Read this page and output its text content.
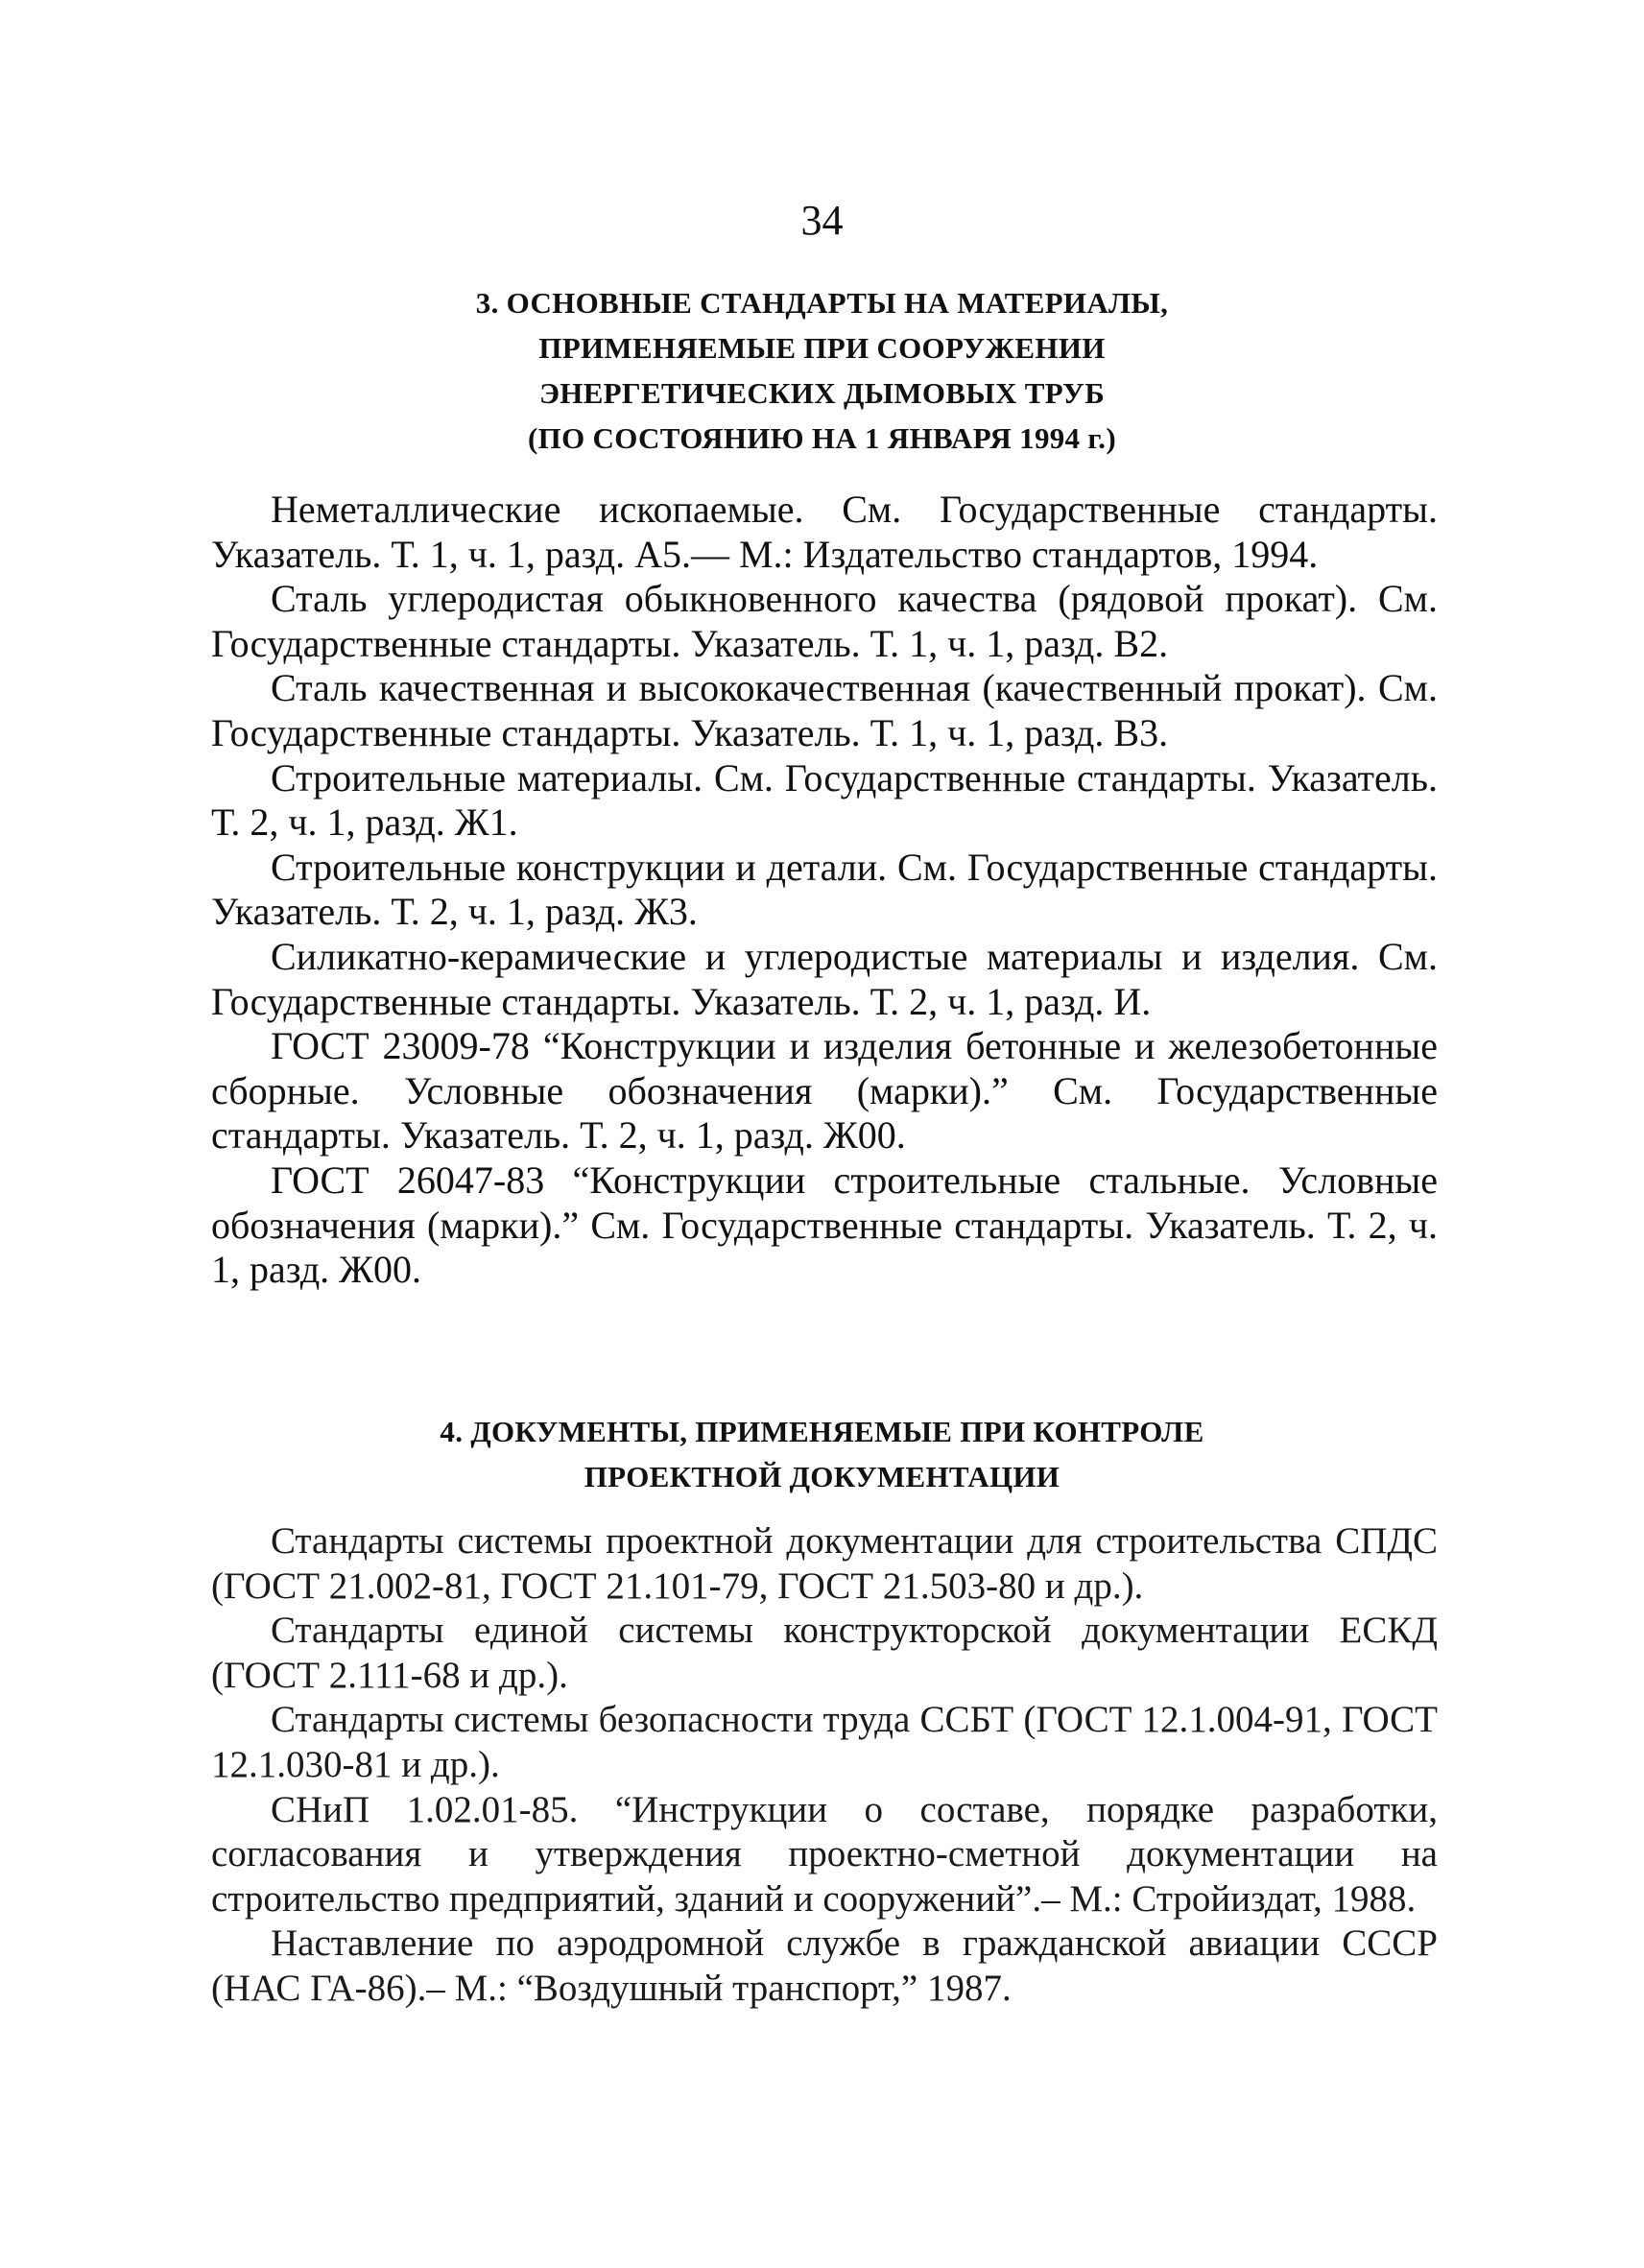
34
3. ОСНОВНЫЕ СТАНДАРТЫ НА МАТЕРИАЛЫ,
ПРИМЕНЯЕМЫЕ ПРИ СООРУЖЕНИИ
ЭНЕРГЕТИЧЕСКИХ ДЫМОВЫХ ТРУБ
(ПО СОСТОЯНИЮ НА 1 ЯНВАРЯ 1994 г.)

Неметаллические ископаемые. См. Государственные стандарты. Указатель. Т. 1, ч. 1, разд. А5.— М.: Издательство стандартов, 1994.

Сталь углеродистая обыкновенного качества (рядовой прокат). См. Государственные стандарты. Указатель. Т. 1, ч. 1, разд. В2.

Сталь качественная и высококачественная (качественный прокат). См. Государственные стандарты. Указатель. Т. 1, ч. 1, разд. В3.

Строительные материалы. См. Государственные стандарты. Указатель. Т. 2, ч. 1, разд. Ж1.

Строительные конструкции и детали. См. Государственные стандарты. Указатель. Т. 2, ч. 1, разд. Ж3.

Силикатно-керамические и углеродистые материалы и изделия. См. Государственные стандарты. Указатель. Т. 2, ч. 1, разд. И.

ГОСТ 23009-78 “Конструкции и изделия бетонные и железобетонные сборные. Условные обозначения (марки).” См. Государственные стандарты. Указатель. Т. 2, ч. 1, разд. Ж00.

ГОСТ 26047-83 “Конструкции строительные стальные. Условные обозначения (марки).” См. Государственные стандарты. Указатель. Т. 2, ч. 1, разд. Ж00.

4. ДОКУМЕНТЫ, ПРИМЕНЯЕМЫЕ ПРИ КОНТРОЛЕ
ПРОЕКТНОЙ ДОКУМЕНТАЦИИ

Стандарты системы проектной документации для строительства СПДС (ГОСТ 21.002-81, ГОСТ 21.101-79, ГОСТ 21.503-80 и др.).

Стандарты единой системы конструкторской документации ЕСКД (ГОСТ 2.111-68 и др.).

Стандарты системы безопасности труда ССБТ (ГОСТ 12.1.004-91, ГОСТ 12.1.030-81 и др.).

СНиП 1.02.01-85. “Инструкции о составе, порядке разработки, согласования и утверждения проектно-сметной документации на строительство предприятий, зданий и сооружений”.– М.: Стройиздат, 1988.

Наставление по аэродромной службе в гражданской авиации СССР (НАС ГА-86).– М.: “Воздушный транспорт,” 1987.
